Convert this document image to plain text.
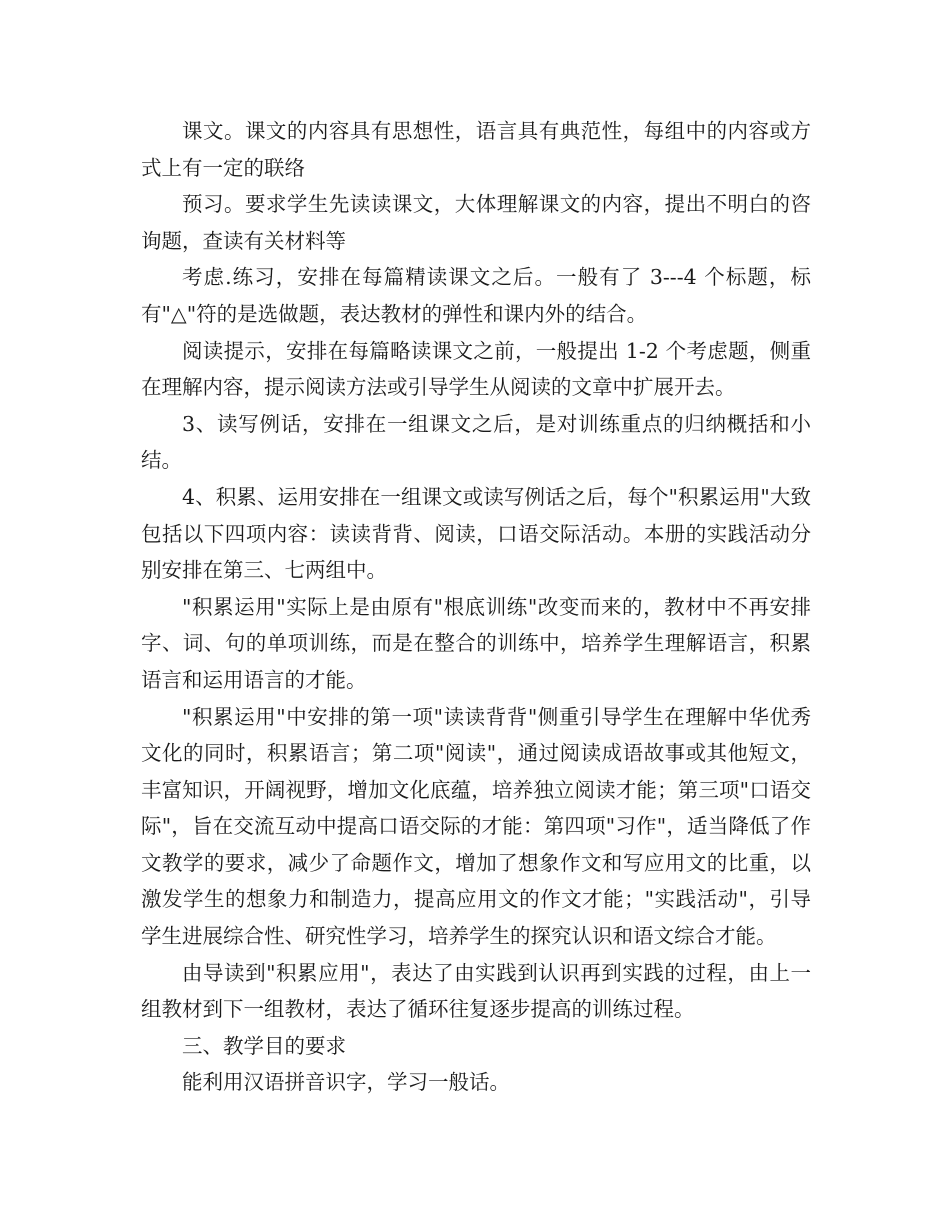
课文。课文的内容具有思想性，语言具有典范性，每组中的内容或方式上有一定的联络

预习。要求学生先读读课文，大体理解课文的内容，提出不明白的咨询题，查读有关材料等

考虑.练习，安排在每篇精读课文之后。一般有了 3---4 个标题，标有"△"符的是选做题，表达教材的弹性和课内外的结合。

阅读提示，安排在每篇略读课文之前，一般提出 1-2 个考虑题，侧重在理解内容，提示阅读方法或引导学生从阅读的文章中扩展开去。

3、读写例话，安排在一组课文之后，是对训练重点的归纳概括和小结。

4、积累、运用安排在一组课文或读写例话之后，每个"积累运用"大致包括以下四项内容：读读背背、阅读，口语交际活动。本册的实践活动分别安排在第三、七两组中。

"积累运用"实际上是由原有"根底训练"改变而来的，教材中不再安排字、词、句的单项训练，而是在整合的训练中，培养学生理解语言，积累语言和运用语言的才能。

"积累运用"中安排的第一项"读读背背"侧重引导学生在理解中华优秀文化的同时，积累语言；第二项"阅读"，通过阅读成语故事或其他短文，丰富知识，开阔视野，增加文化底蕴，培养独立阅读才能；第三项"口语交际"，旨在交流互动中提高口语交际的才能：第四项"习作"，适当降低了作文教学的要求，减少了命题作文，增加了想象作文和写应用文的比重，以激发学生的想象力和制造力，提高应用文的作文才能；"实践活动"，引导学生进展综合性、研究性学习，培养学生的探究认识和语文综合才能。

由导读到"积累应用"，表达了由实践到认识再到实践的过程，由上一组教材到下一组教材，表达了循环往复逐步提高的训练过程。

三、教学目的要求

能利用汉语拼音识字，学习一般话。
